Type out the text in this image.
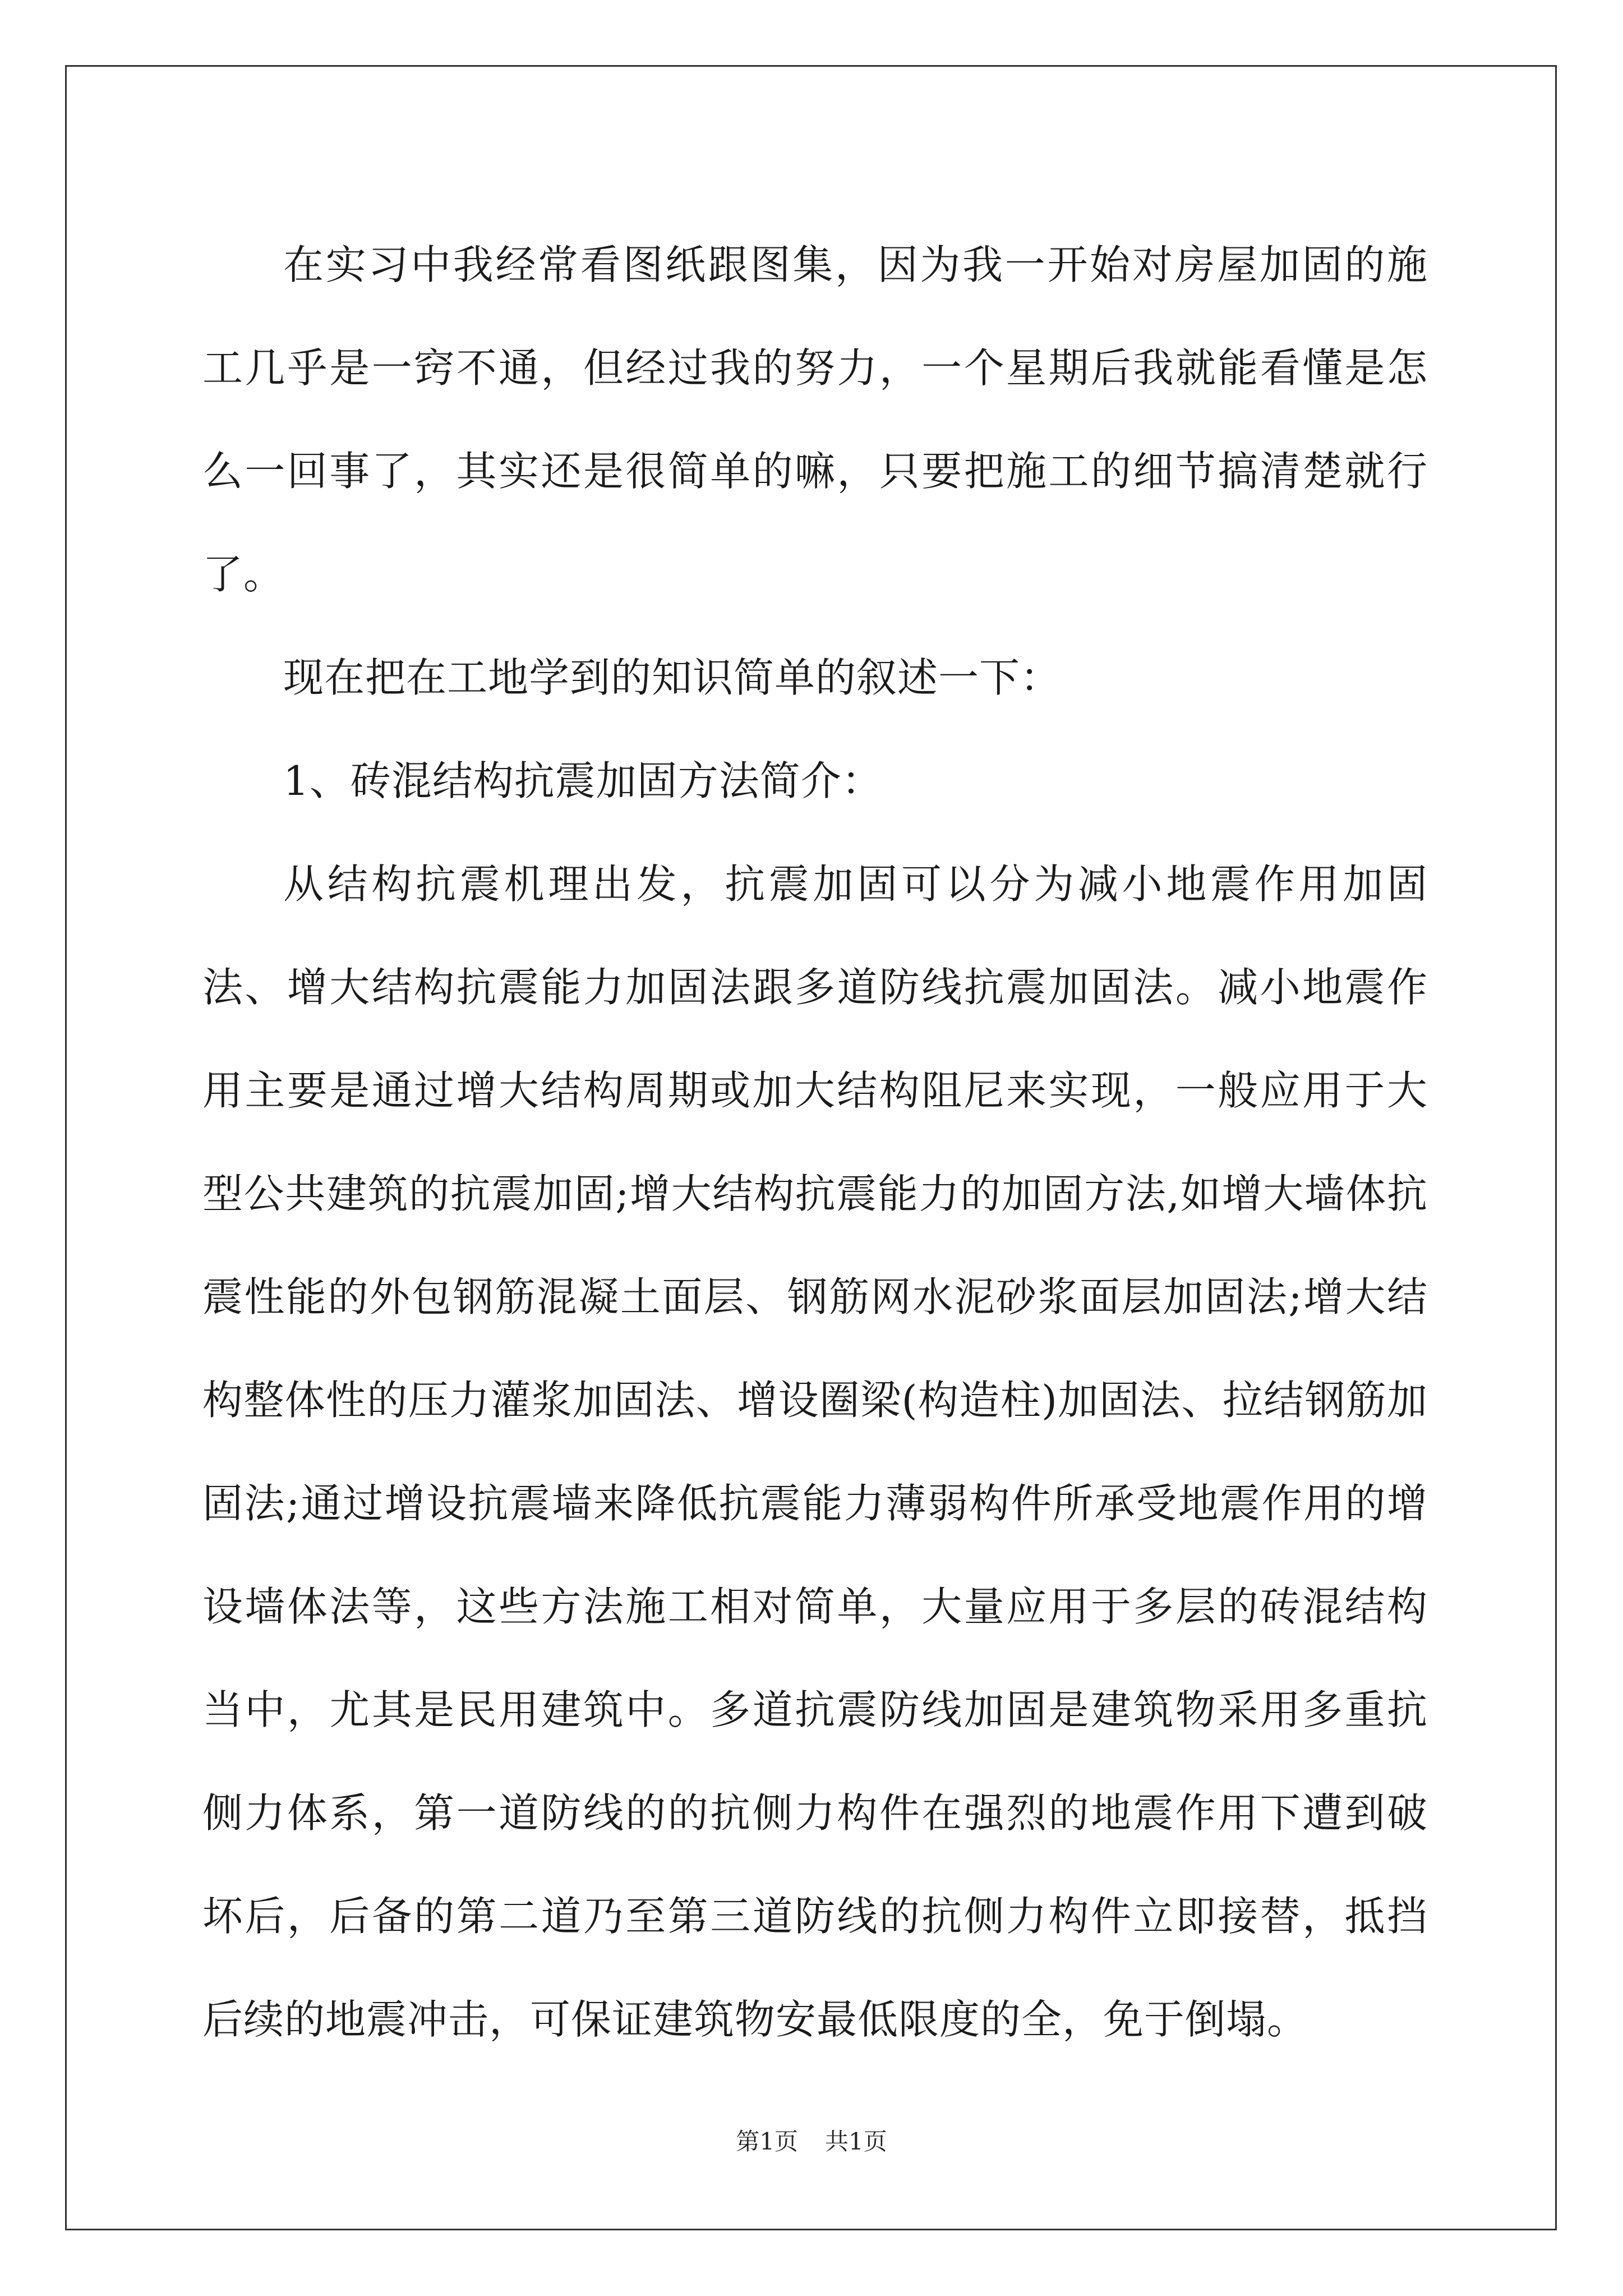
在实习中我经常看图纸跟图集，因为我一开始对房屋加固的施工几乎是一窍不通，但经过我的努力，一个星期后我就能看懂是怎么一回事了，其实还是很简单的嘛，只要把施工的细节搞清楚就行了。

现在把在工地学到的知识简单的叙述一下：

1、砖混结构抗震加固方法简介：

从结构抗震机理出发，抗震加固可以分为减小地震作用加固法、增大结构抗震能力加固法跟多道防线抗震加固法。减小地震作用主要是通过增大结构周期或加大结构阻尼来实现，一般应用于大型公共建筑的抗震加固;增大结构抗震能力的加固方法,如增大墙体抗震性能的外包钢筋混凝土面层、钢筋网水泥砂浆面层加固法;增大结构整体性的压力灌浆加固法、增设圈梁(构造柱)加固法、拉结钢筋加固法;通过增设抗震墙来降低抗震能力薄弱构件所承受地震作用的增设墙体法等，这些方法施工相对简单，大量应用于多层的砖混结构当中，尤其是民用建筑中。多道抗震防线加固是建筑物采用多重抗侧力体系，第一道防线的的抗侧力构件在强烈的地震作用下遭到破坏后，后备的第二道乃至第三道防线的抗侧力构件立即接替，抵挡后续的地震冲击，可保证建筑物安最低限度的全，免于倒塌。

第1页 共1页
